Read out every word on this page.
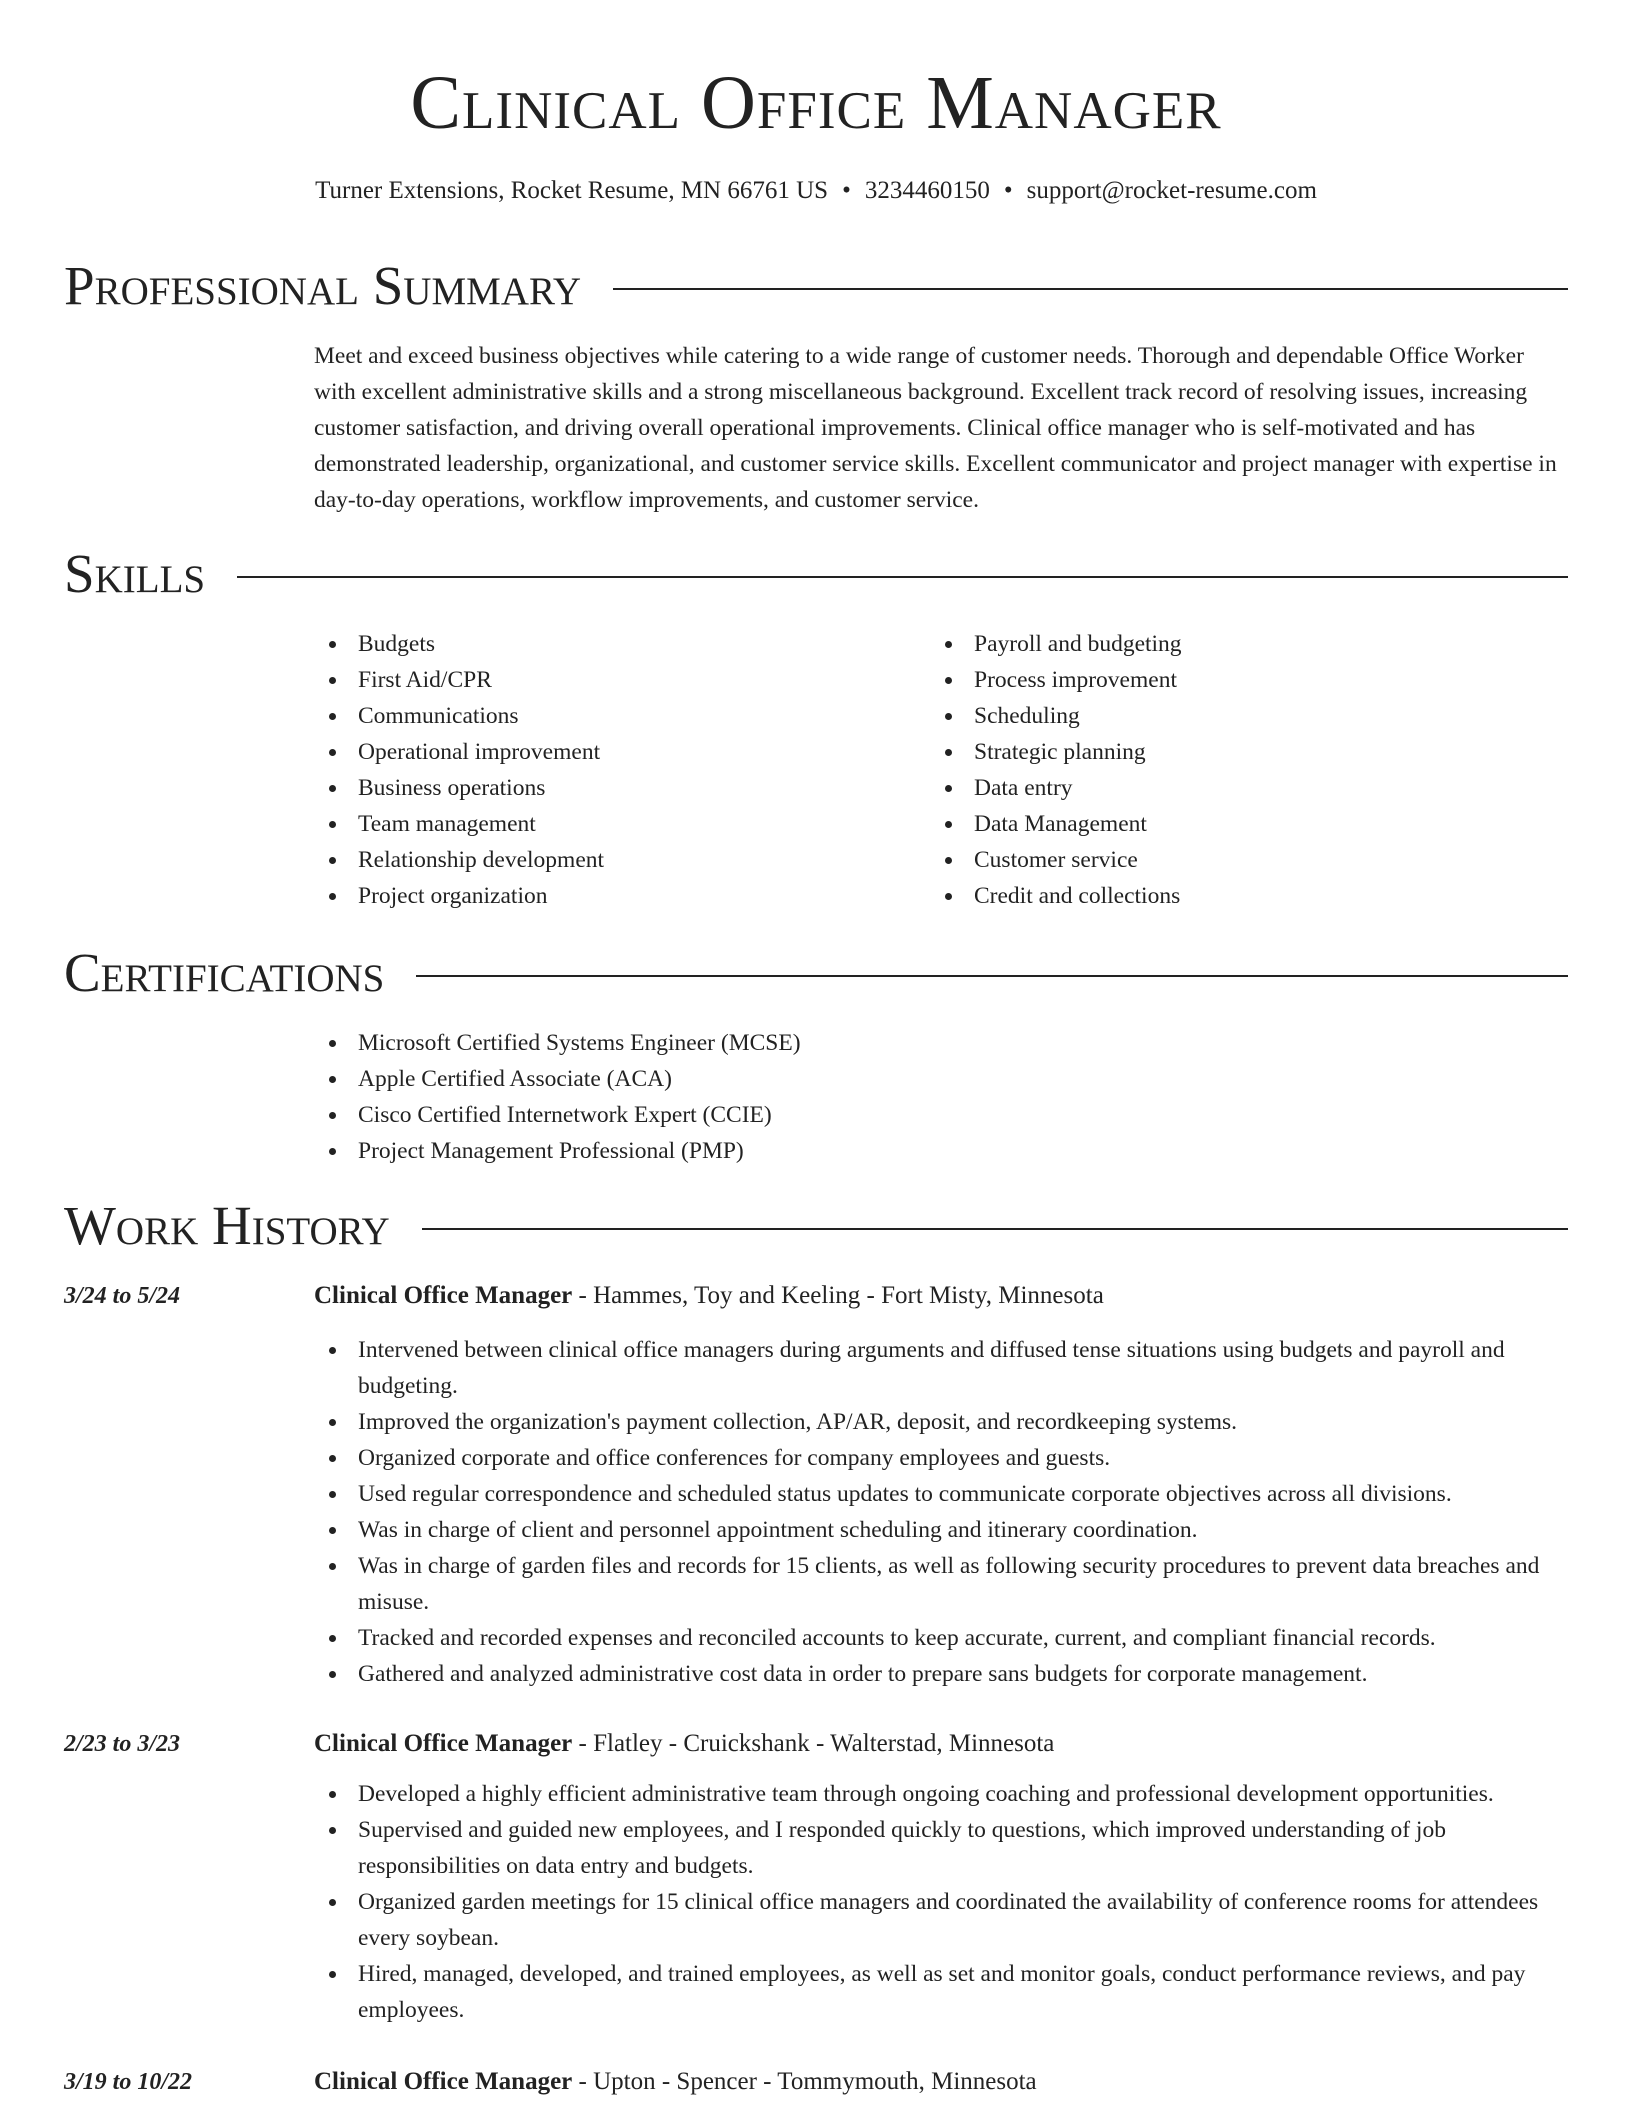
Clinical Office Manager
Turner Extensions, Rocket Resume, MN 66761 US • 3234460150 • support@rocket-resume.com
Professional Summary
Meet and exceed business objectives while catering to a wide range of customer needs. Thorough and dependable Office Worker with excellent administrative skills and a strong miscellaneous background. Excellent track record of resolving issues, increasing customer satisfaction, and driving overall operational improvements. Clinical office manager who is self-motivated and has demonstrated leadership, organizational, and customer service skills. Excellent communicator and project manager with expertise in day-to-day operations, workflow improvements, and customer service.
Skills
Budgets
First Aid/CPR
Communications
Operational improvement
Business operations
Team management
Relationship development
Project organization
Payroll and budgeting
Process improvement
Scheduling
Strategic planning
Data entry
Data Management
Customer service
Credit and collections
Certifications
Microsoft Certified Systems Engineer (MCSE)
Apple Certified Associate (ACA)
Cisco Certified Internetwork Expert (CCIE)
Project Management Professional (PMP)
Work History
3/24 to 5/24	Clinical Office Manager - Hammes, Toy and Keeling - Fort Misty, Minnesota
Intervened between clinical office managers during arguments and diffused tense situations using budgets and payroll and budgeting.
Improved the organization's payment collection, AP/AR, deposit, and recordkeeping systems.
Organized corporate and office conferences for company employees and guests.
Used regular correspondence and scheduled status updates to communicate corporate objectives across all divisions.
Was in charge of client and personnel appointment scheduling and itinerary coordination.
Was in charge of garden files and records for 15 clients, as well as following security procedures to prevent data breaches and misuse.
Tracked and recorded expenses and reconciled accounts to keep accurate, current, and compliant financial records.
Gathered and analyzed administrative cost data in order to prepare sans budgets for corporate management.
2/23 to 3/23	Clinical Office Manager - Flatley - Cruickshank - Walterstad, Minnesota
Developed a highly efficient administrative team through ongoing coaching and professional development opportunities.
Supervised and guided new employees, and I responded quickly to questions, which improved understanding of job responsibilities on data entry and budgets.
Organized garden meetings for 15 clinical office managers and coordinated the availability of conference rooms for attendees every soybean.
Hired, managed, developed, and trained employees, as well as set and monitor goals, conduct performance reviews, and pay employees.
3/19 to 10/22	Clinical Office Manager - Upton - Spencer - Tommymouth, Minnesota
